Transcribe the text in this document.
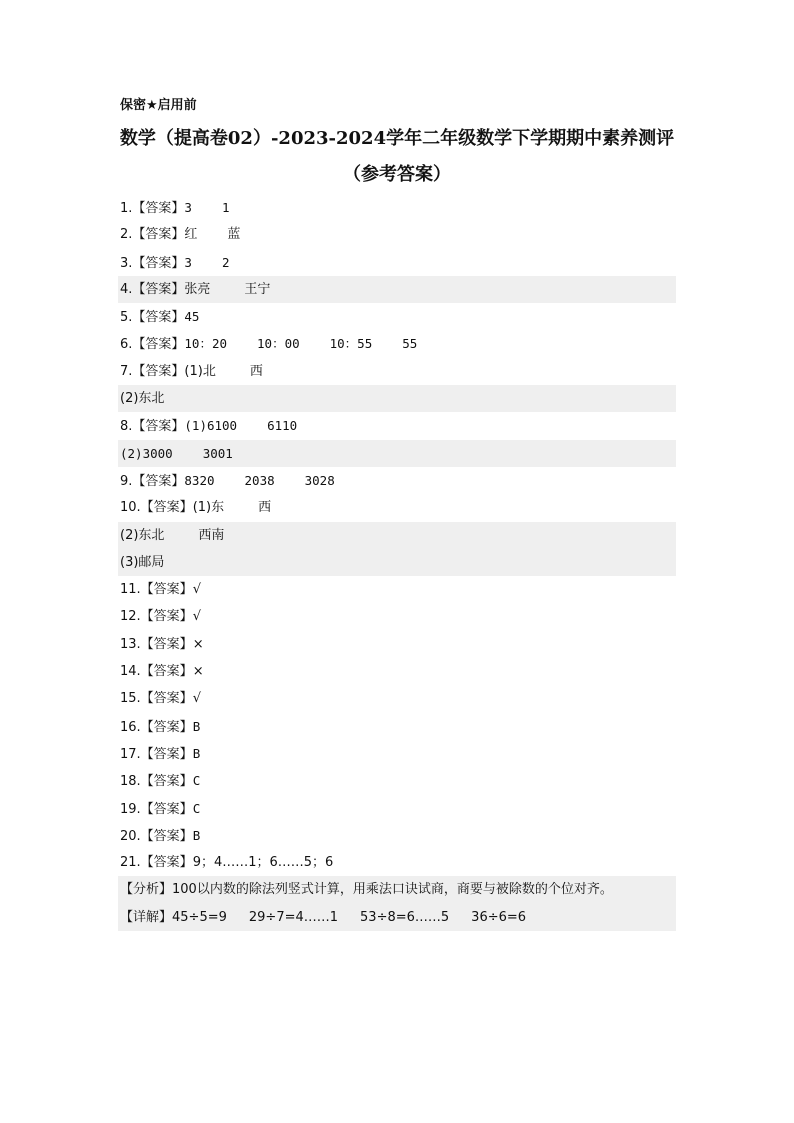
保密★启用前
数学（提高卷02）-2023-2024学年二年级数学下学期期中素养测评
（参考答案）
1.【答案】3 1
2.【答案】红 蓝
3.【答案】3 2
4.【答案】张亮	王宁
5.【答案】45
6.【答案】10：20 10：00 10：55 55
7.【答案】(1)北	西
(2)东北
8.【答案】(1)6100 6110
(2)3000 3001
9.【答案】8320 2038 3028
10.【答案】(1)东	西
(2)东北	西南
(3)邮局
11.【答案】√
12.【答案】√
13.【答案】×
14.【答案】×
15.【答案】√
16.【答案】B
17.【答案】B
18.【答案】C
19.【答案】C
20.【答案】B
21.【答案】9；4……1；6……5；6
【分析】100以内数的除法列竖式计算，用乘法口诀试商，商要与被除数的个位对齐。
【详解】45÷5=9 29÷7=4……1 53÷8=6……5 36÷6=6
